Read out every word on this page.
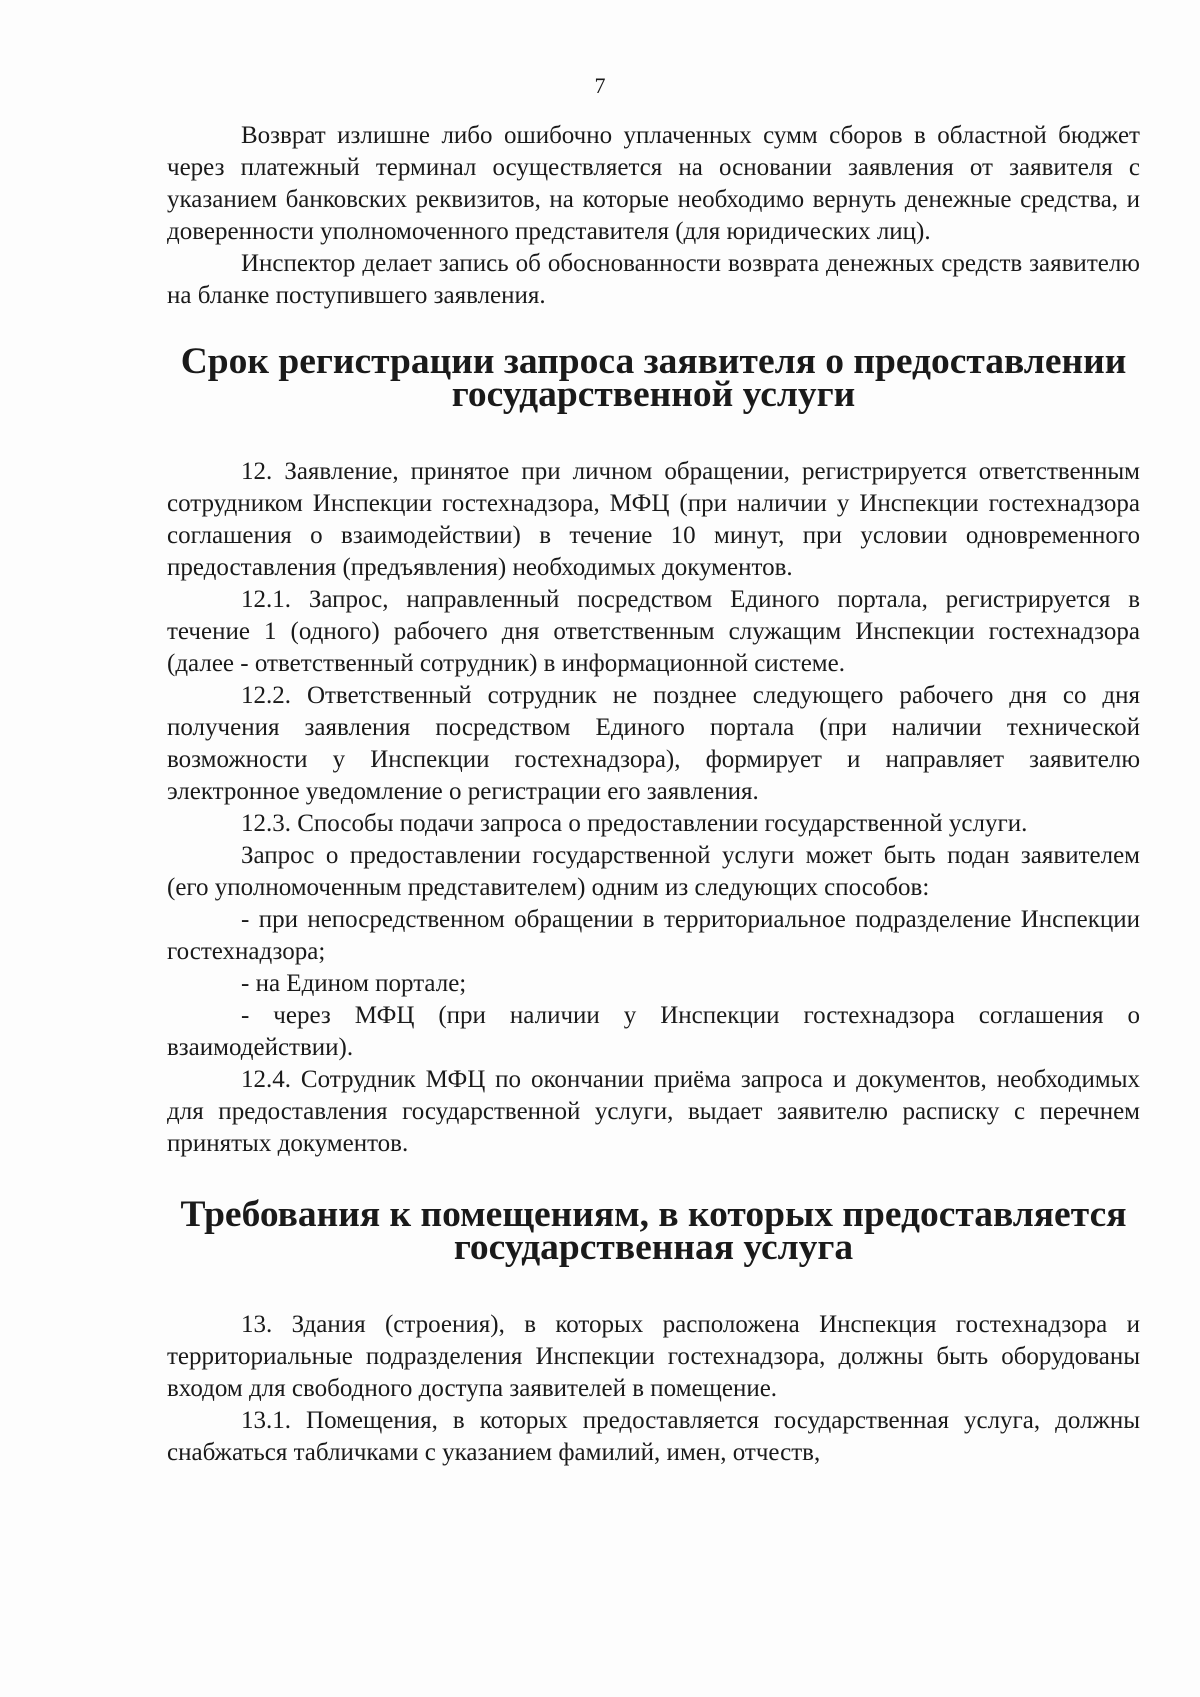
7

Возврат излишне либо ошибочно уплаченных сумм сборов в областной бюджет через платежный терминал осуществляется на основании заявления от заявителя с указанием банковских реквизитов, на которые необходимо вернуть денежные средства, и доверенности уполномоченного представителя (для юридических лиц).

Инспектор делает запись об обоснованности возврата денежных средств заявителю на бланке поступившего заявления.

Срок регистрации запроса заявителя о предоставлении государственной услуги

12. Заявление, принятое при личном обращении, регистрируется ответственным сотрудником Инспекции гостехнадзора, МФЦ (при наличии у Инспекции гостехнадзора соглашения о взаимодействии) в течение 10 минут, при условии одновременного предоставления (предъявления) необходимых документов.

12.1. Запрос, направленный посредством Единого портала, регистрируется в течение 1 (одного) рабочего дня ответственным служащим Инспекции гостехнадзора (далее - ответственный сотрудник) в информационной системе.

12.2. Ответственный сотрудник не позднее следующего рабочего дня со дня получения заявления посредством Единого портала (при наличии технической возможности у Инспекции гостехнадзора), формирует и направляет заявителю электронное уведомление о регистрации его заявления.

12.3. Способы подачи запроса о предоставлении государственной услуги.

Запрос о предоставлении государственной услуги может быть подан заявителем (его уполномоченным представителем) одним из следующих способов:

- при непосредственном обращении в территориальное подразделение Инспекции гостехнадзора;

- на Едином портале;

- через МФЦ (при наличии у Инспекции гостехнадзора соглашения о взаимодействии).

12.4. Сотрудник МФЦ по окончании приёма запроса и документов, необходимых для предоставления государственной услуги, выдает заявителю расписку с перечнем принятых документов.

Требования к помещениям, в которых предоставляется государственная услуга

13. Здания (строения), в которых расположена Инспекция гостехнадзора и территориальные подразделения Инспекции гостехнадзора, должны быть оборудованы входом для свободного доступа заявителей в помещение.

13.1. Помещения, в которых предоставляется государственная услуга, должны снабжаться табличками с указанием фамилий, имен, отчеств,
